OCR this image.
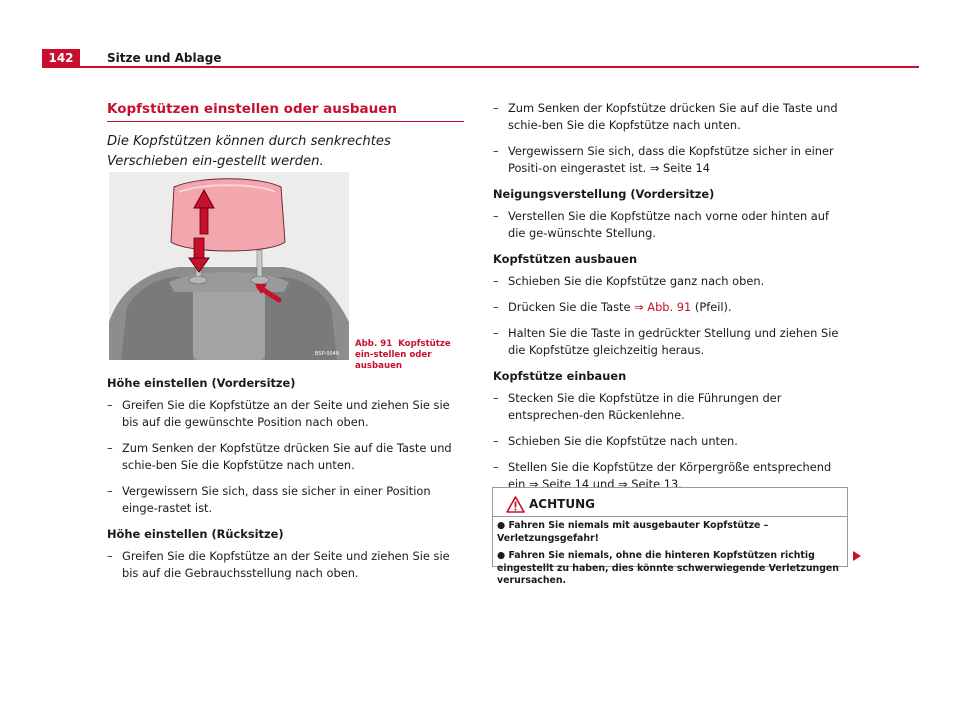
142	Sitze und Ablage
Kopfstützen einstellen oder ausbauen
Die Kopfstützen können durch senkrechtes Verschieben ein-gestellt werden.
B5P-0046
Abb. 91 Kopfstütze ein-stellen oder ausbauen
Höhe einstellen (Vordersitze)
– Greifen Sie die Kopfstütze an der Seite und ziehen Sie sie bis auf die gewünschte Position nach oben.
– Zum Senken der Kopfstütze drücken Sie auf die Taste und schie-ben Sie die Kopfstütze nach unten.
– Vergewissern Sie sich, dass sie sicher in einer Position einge-rastet ist.
Höhe einstellen (Rücksitze)
– Greifen Sie die Kopfstütze an der Seite und ziehen Sie sie bis auf die Gebrauchsstellung nach oben.
– Zum Senken der Kopfstütze drücken Sie auf die Taste und schie-ben Sie die Kopfstütze nach unten.
– Vergewissern Sie sich, dass die Kopfstütze sicher in einer Positi-on eingerastet ist. ⇒ Seite 14
Neigungsverstellung (Vordersitze)
– Verstellen Sie die Kopfstütze nach vorne oder hinten auf die ge-wünschte Stellung.
Kopfstützen ausbauen
– Schieben Sie die Kopfstütze ganz nach oben.
– Drücken Sie die Taste ⇒ Abb. 91 (Pfeil).
– Halten Sie die Taste in gedrückter Stellung und ziehen Sie die Kopfstütze gleichzeitig heraus.
Kopfstütze einbauen
– Stecken Sie die Kopfstütze in die Führungen der entsprechen-den Rückenlehne.
– Schieben Sie die Kopfstütze nach unten.
– Stellen Sie die Kopfstütze der Körpergröße entsprechend ein ⇒ Seite 14 und ⇒ Seite 13.
ACHTUNG
● Fahren Sie niemals mit ausgebauter Kopfstütze – Verletzungsgefahr!
● Fahren Sie niemals, ohne die hinteren Kopfstützen richtig eingestellt zu haben, dies könnte schwerwiegende Verletzungen verursachen.
